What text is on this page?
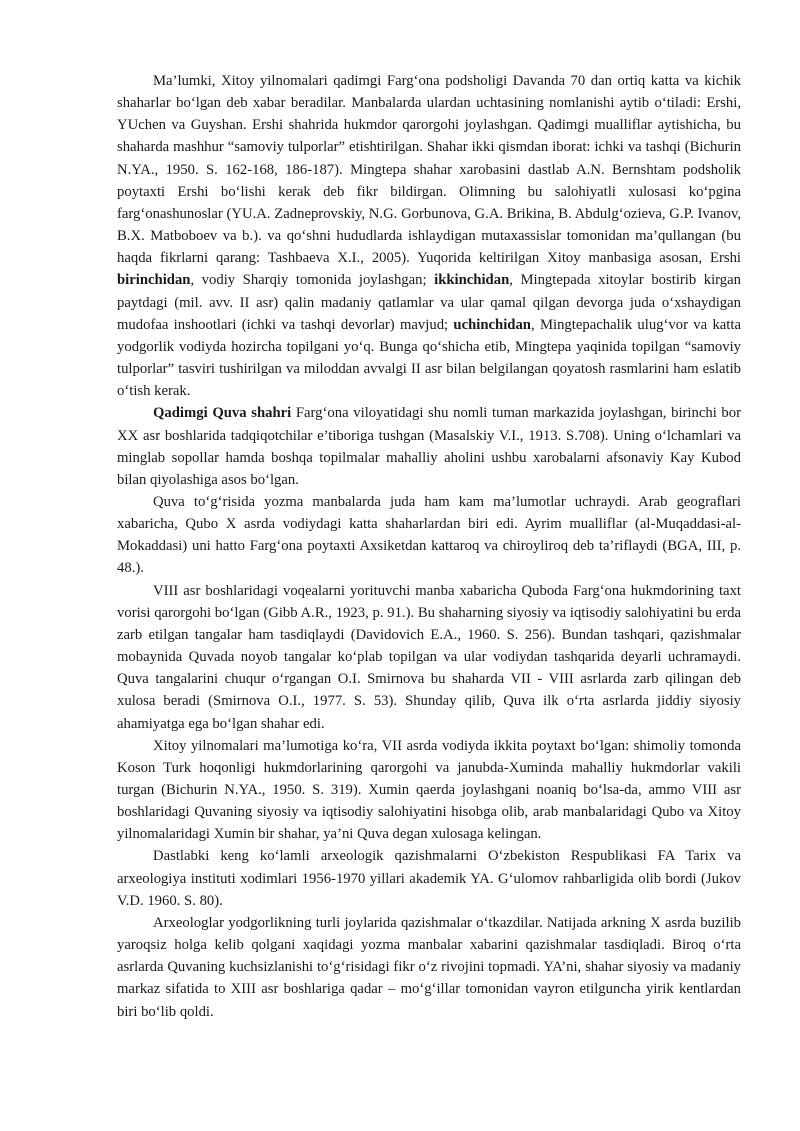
Ma’lumki, Xitoy yilnomalari qadimgi Farg‘ona podsholigi Davanda 70 dan ortiq katta va kichik shaharlar bo‘lgan deb xabar beradilar. Manbalarda ulardan uchtasining nomlanishi aytib o‘tiladi: Ershi, YUchen va Guyshan. Ershi shahrida hukmdor qarorgohi joylashgan. Qadimgi mualliflar aytishicha, bu shaharda mashhur “samoviy tulporlar” etishtirilgan. Shahar ikki qismdan iborat: ichki va tashqi (Bichurin N.YA., 1950. S. 162-168, 186-187). Mingtepa shahar xarobasini dastlab A.N. Bernshtam podsholik poytaxti Ershi bo‘lishi kerak deb fikr bildirgan. Olimning bu salohiyatli xulosasi ko‘pgina farg‘onashunoslar (YU.A. Zadneprovskiy, N.G. Gorbunova, G.A. Brikina, B. Abdulg‘ozieva, G.P. Ivanov, B.X. Matboboev va b.). va qo‘shni hududlarda ishlaydigan mutaxassislar tomonidan ma’qullangan (bu haqda fikrlarni qarang: Tashbaeva X.I., 2005). Yuqorida keltirilgan Xitoy manbasiga asosan, Ershi birinchidan, vodiy Sharqiy tomonida joylashgan; ikkinchidan, Mingtepada xitoylar bostirib kirgan paytdagi (mil. avv. II asr) qalin madaniy qatlamlar va ular qamal qilgan devorga juda o‘xshaydigan mudofaa inshootlari (ichki va tashqi devorlar) mavjud; uchinchidan, Mingtepachalik ulug‘vor va katta yodgorlik vodiyda hozircha topilgani yo‘q. Bunga qo‘shicha etib, Mingtepa yaqinida topilgan “samoviy tulporlar” tasviri tushirilgan va miloddan avvalgi II asr bilan belgilangan qoyatosh rasmlarini ham eslatib o‘tish kerak.

Qadimgi Quva shahri Farg‘ona viloyatidagi shu nomli tuman markazida joylashgan, birinchi bor XX asr boshlarida tadqiqotchilar e’tiboriga tushgan (Masalskiy V.I., 1913. S.708). Uning o‘lchamlari va minglab sopollar hamda boshqa topilmalar mahalliy aholini ushbu xarobalarni afsonaviy Kay Kubod bilan qiyolashiga asos bo‘lgan.

Quva to‘g‘risida yozma manbalarda juda ham kam ma’lumotlar uchraydi. Arab geograflari xabaricha, Qubo X asrda vodiydagi katta shaharlardan biri edi. Ayrim mualliflar (al-Muqaddasi-al-Mokaddasi) uni hatto Farg‘ona poytaxti Axsiketdan kattaroq va chiroyliroq deb ta’riflaydi (BGA, III, p. 48.).

VIII asr boshlaridagi voqealarni yorituvchi manba xabaricha Quboda Farg‘ona hukmdorining taxt vorisi qarorgohi bo‘lgan (Gibb A.R., 1923, p. 91.). Bu shaharning siyosiy va iqtisodiy salohiyatini bu erda zarb etilgan tangalar ham tasdiqlaydi (Davidovich E.A., 1960. S. 256). Bundan tashqari, qazishmalar mobaynida Quvada noyob tangalar ko‘plab topilgan va ular vodiydan tashqarida deyarli uchramaydi. Quva tangalarini chuqur o‘rgangan O.I. Smirnova bu shaharda VII - VIII asrlarda zarb qilingan deb xulosa beradi (Smirnova O.I., 1977. S. 53). Shunday qilib, Quva ilk o‘rta asrlarda jiddiy siyosiy ahamiyatga ega bo‘lgan shahar edi.

Xitoy yilnomalari ma’lumotiga ko‘ra, VII asrda vodiyda ikkita poytaxt bo‘lgan: shimoliy tomonda Koson Turk hoqonligi hukmdorlarining qarorgohi va janubda-Xuminda mahalliy hukmdorlar vakili turgan (Bichurin N.YA., 1950. S. 319). Xumin qaerda joylashgani noaniq bo‘lsa-da, ammo VIII asr boshlaridagi Quvaning siyosiy va iqtisodiy salohiyatini hisobga olib, arab manbalaridagi Qubo va Xitoy yilnomalaridagi Xumin bir shahar, ya’ni Quva degan xulosaga kelingan.

Dastlabki keng ko‘lamli arxeologik qazishmalarni O‘zbekiston Respublikasi FA Tarix va arxeologiya instituti xodimlari 1956-1970 yillari akademik YA. G‘ulomov rahbarligida olib bordi (Jukov V.D. 1960. S. 80).

Arxeologlar yodgorlikning turli joylarida qazishmalar o‘tkazdilar. Natijada arkning X asrda buzilib yaroqsiz holga kelib qolgani xaqidagi yozma manbalar xabarini qazishmalar tasdiqladi. Biroq o‘rta asrlarda Quvaning kuchsizlanishi to‘g‘risidagi fikr o‘z rivojini topmadi. YA’ni, shahar siyosiy va madaniy markaz sifatida to XIII asr boshlariga qadar – mo‘g‘illar tomonidan vayron etilguncha yirik kentlardan biri bo‘lib qoldi.
